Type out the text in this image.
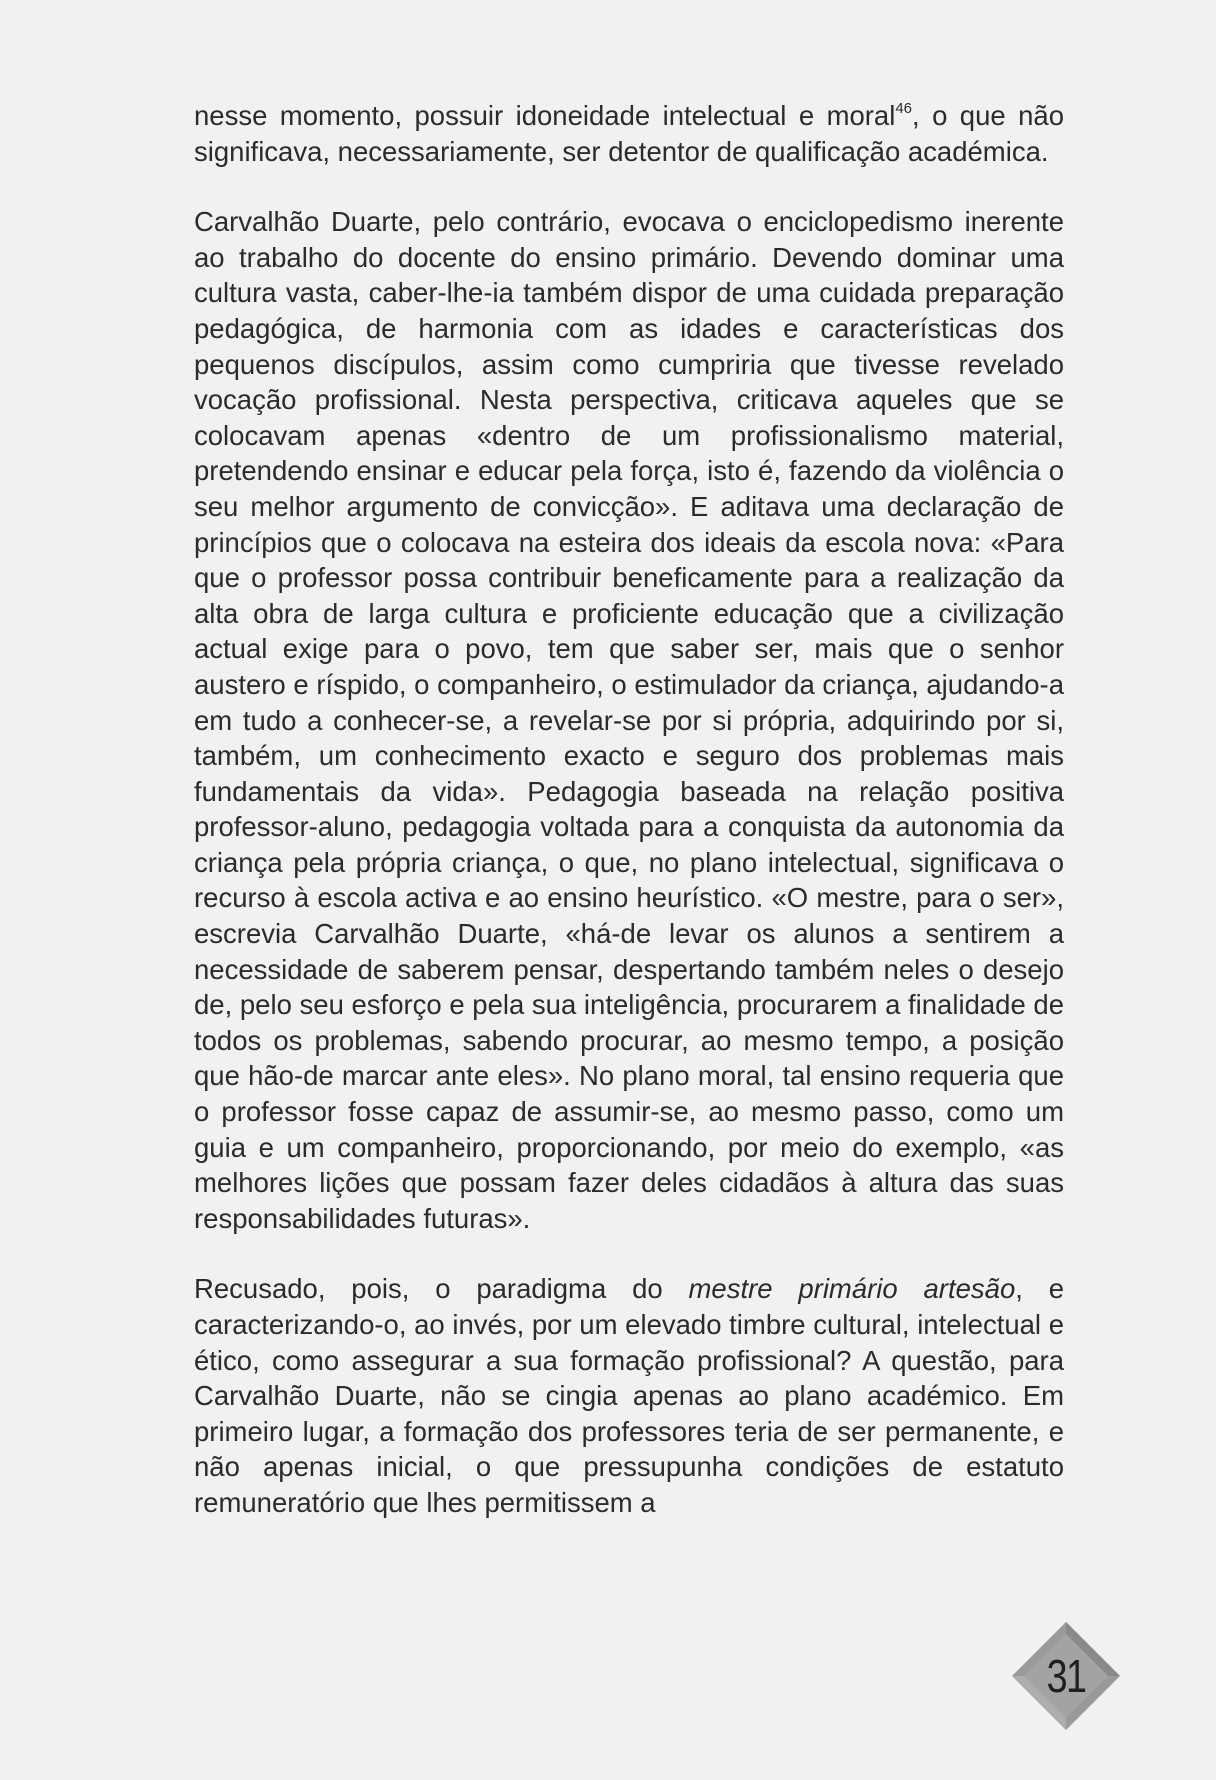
nesse momento, possuir idoneidade intelectual e moral$^{46}$, o que não significava, necessariamente, ser detentor de qualificação académica.

Carvalhão Duarte, pelo contrário, evocava o enciclopedismo inerente ao trabalho do docente do ensino primário. Devendo dominar uma cultura vasta, caber-lhe-ia também dispor de uma cuidada preparação pedagógica, de harmonia com as idades e características dos pequenos discípulos, assim como cumpriria que tivesse revelado vocação profissional. Nesta perspectiva, criticava aqueles que se colocavam apenas «dentro de um profissionalismo material, pretendendo ensinar e educar pela força, isto é, fazendo da violência o seu melhor argumento de convicção». E aditava uma declaração de princípios que o colocava na esteira dos ideais da escola nova: «Para que o professor possa contribuir beneficamente para a realização da alta obra de larga cultura e proficiente educação que a civilização actual exige para o povo, tem que saber ser, mais que o senhor austero e ríspido, o companheiro, o estimulador da criança, ajudando-a em tudo a conhecer-se, a revelar-se por si própria, adquirindo por si, também, um conhecimento exacto e seguro dos problemas mais fundamentais da vida». Pedagogia baseada na relação positiva professor-aluno, pedagogia voltada para a conquista da autonomia da criança pela própria criança, o que, no plano intelectual, significava o recurso à escola activa e ao ensino heurístico. «O mestre, para o ser», escrevia Carvalhão Duarte, «há-de levar os alunos a sentirem a necessidade de saberem pensar, despertando também neles o desejo de, pelo seu esforço e pela sua inteligência, procurarem a finalidade de todos os problemas, sabendo procurar, ao mesmo tempo, a posição que hão-de marcar ante eles». No plano moral, tal ensino requeria que o professor fosse capaz de assumir-se, ao mesmo passo, como um guia e um companheiro, proporcionando, por meio do exemplo, «as melhores lições que possam fazer deles cidadãos à altura das suas responsabilidades futuras».

Recusado, pois, o paradigma do mestre primário artesão, e caracterizando-o, ao invés, por um elevado timbre cultural, intelectual e ético, como assegurar a sua formação profissional? A questão, para Carvalhão Duarte, não se cingia apenas ao plano académico. Em primeiro lugar, a formação dos professores teria de ser permanente, e não apenas inicial, o que pressupunha condições de estatuto remuneratório que lhes permitissem a

31
